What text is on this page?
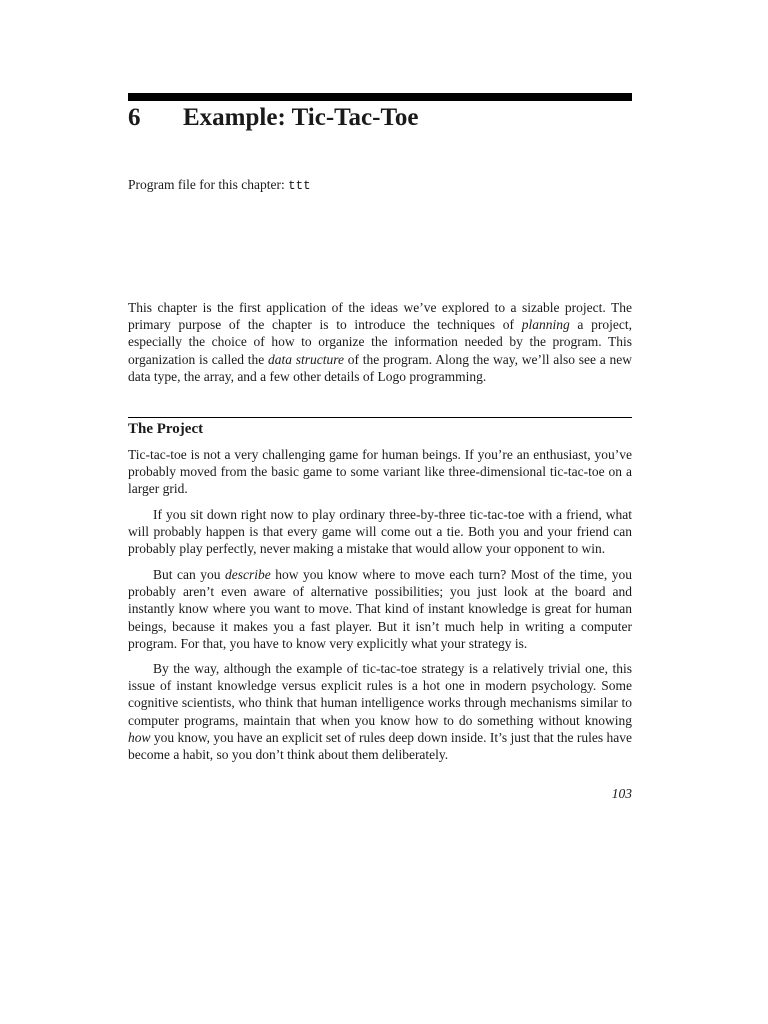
6 Example: Tic-Tac-Toe
Program file for this chapter: ttt

This chapter is the first application of the ideas we’ve explored to a sizable project. The primary purpose of the chapter is to introduce the techniques of planning a project, especially the choice of how to organize the information needed by the program. This organization is called the data structure of the program. Along the way, we’ll also see a new data type, the array, and a few other details of Logo programming.

The Project

Tic-tac-toe is not a very challenging game for human beings. If you’re an enthusiast, you’ve probably moved from the basic game to some variant like three-dimensional tic-tac-toe on a larger grid.

If you sit down right now to play ordinary three-by-three tic-tac-toe with a friend, what will probably happen is that every game will come out a tie. Both you and your friend can probably play perfectly, never making a mistake that would allow your opponent to win.

But can you describe how you know where to move each turn? Most of the time, you probably aren’t even aware of alternative possibilities; you just look at the board and instantly know where you want to move. That kind of instant knowledge is great for human beings, because it makes you a fast player. But it isn’t much help in writing a computer program. For that, you have to know very explicitly what your strategy is.

By the way, although the example of tic-tac-toe strategy is a relatively trivial one, this issue of instant knowledge versus explicit rules is a hot one in modern psychology. Some cognitive scientists, who think that human intelligence works through mechanisms similar to computer programs, maintain that when you know how to do something without knowing how you know, you have an explicit set of rules deep down inside. It’s just that the rules have become a habit, so you don’t think about them deliberately.

103
